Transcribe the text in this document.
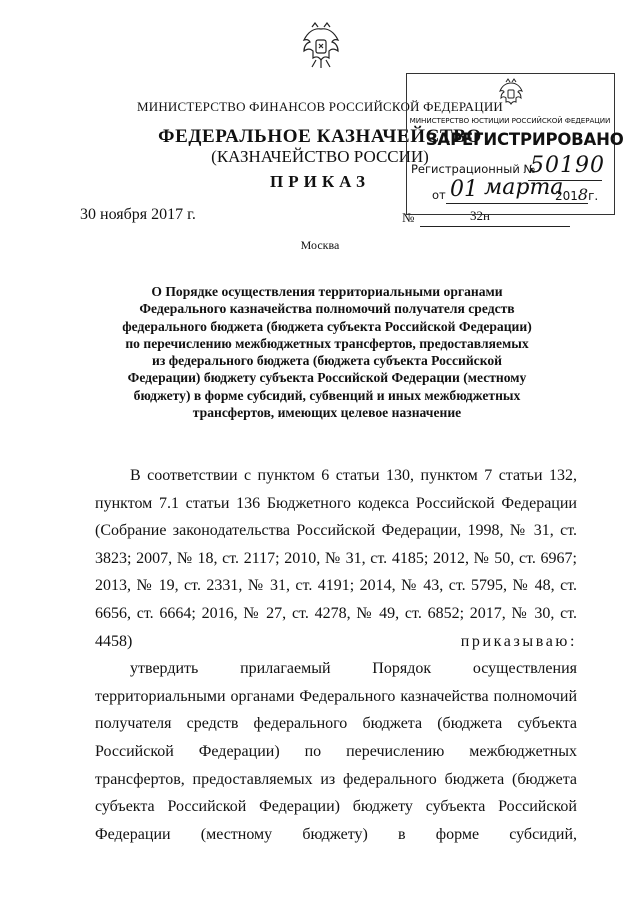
МИНИСТЕРСТВО ФИНАНСОВ РОССИЙСКОЙ ФЕДЕРАЦИИ
ФЕДЕРАЛЬНОЕ КАЗНАЧЕЙСТВО
(КАЗНАЧЕЙСТВО РОССИИ)
ПРИКАЗ
30 ноября 2017 г.	№	32н
Москва
О Порядке осуществления территориальными органами Федерального казначейства полномочий получателя средств федерального бюджета (бюджета субъекта Российской Федерации) по перечислению межбюджетных трансфертов, предоставляемых из федерального бюджета (бюджета субъекта Российской Федерации) бюджету субъекта Российской Федерации (местному бюджету) в форме субсидий, субвенций и иных межбюджетных трансфертов, имеющих целевое назначение

В соответствии с пунктом 6 статьи 130, пунктом 7 статьи 132, пунктом 7.1 статьи 136 Бюджетного кодекса Российской Федерации (Собрание законодательства Российской Федерации, 1998, № 31, ст. 3823; 2007, № 18, ст. 2117; 2010, № 31, ст. 4185; 2012, № 50, ст. 6967; 2013, № 19, ст. 2331, № 31, ст. 4191; 2014, № 43, ст. 5795, № 48, ст. 6656, ст. 6664; 2016, № 27, ст. 4278, № 49, ст. 6852; 2017, № 30, ст. 4458)	приказываю:

утвердить прилагаемый Порядок осуществления территориальными органами Федерального казначейства полномочий получателя средств федерального бюджета (бюджета субъекта Российской Федерации) по перечислению межбюджетных трансфертов, предоставляемых из федерального бюджета (бюджета субъекта Российской Федерации) бюджету субъекта Российской Федерации (местному бюджету) в форме субсидий,

МИНИСТЕРСТВО ЮСТИЦИИ РОССИЙСКОЙ ФЕДЕРАЦИИ
ЗАРЕГИСТРИРОВАНО
Регистрационный №
50190
от 01 марта
2018г.
